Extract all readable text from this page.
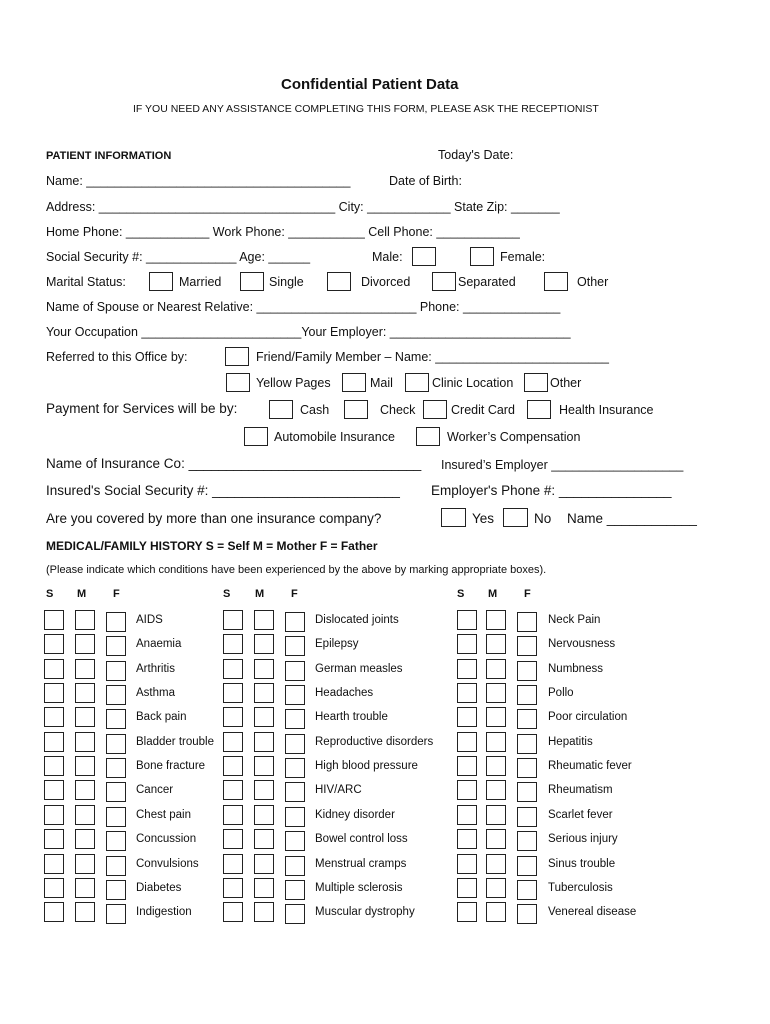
Confidential Patient Data
IF YOU NEED ANY ASSISTANCE COMPLETING THIS FORM, PLEASE ASK THE RECEPTIONIST
PATIENT INFORMATION	Today's Date:
Name: ______________________________________	Date of Birth:
Address: __________________________________ City: ____________ State Zip: _______
Home Phone: ____________ Work Phone: ___________ Cell Phone: ____________
Social Security #: _____________ Age: ______	Male:	Female:
Marital Status:	Married	Single	Divorced	Separated	Other
Name of Spouse or Nearest Relative: _______________________ Phone: ______________
Your Occupation _______________________Your Employer: __________________________
Referred to this Office by:	Friend/Family Member – Name: _________________________
Yellow Pages	Mail	Clinic Location	Other
Payment for Services will be by:	Cash	Check	Credit Card	Health Insurance
Automobile Insurance	Worker’s Compensation
Name of Insurance Co: _______________________________ Insured’s Employer ___________________
Insured's Social Security #: _________________________ Employer's Phone #: _______________
Are you covered by more than one insurance company?	Yes	No Name ____________
MEDICAL/FAMILY HISTORY S = Self M = Mother F = Father
(Please indicate which conditions have been experienced by the above by marking appropriate boxes).
S M F	S M F	S M F
AIDS
Anaemia
Arthritis
Asthma
Back pain
Bladder trouble
Bone fracture
Cancer
Chest pain
Concussion
Convulsions
Diabetes
Indigestion
Dislocated joints
Epilepsy
German measles
Headaches
Hearth trouble
Reproductive disorders
High blood pressure
HIV/ARC
Kidney disorder
Bowel control loss
Menstrual cramps
Multiple sclerosis
Muscular dystrophy
Neck Pain
Nervousness
Numbness
Pollo
Poor circulation
Hepatitis
Rheumatic fever
Rheumatism
Scarlet fever
Serious injury
Sinus trouble
Tuberculosis
Venereal disease
